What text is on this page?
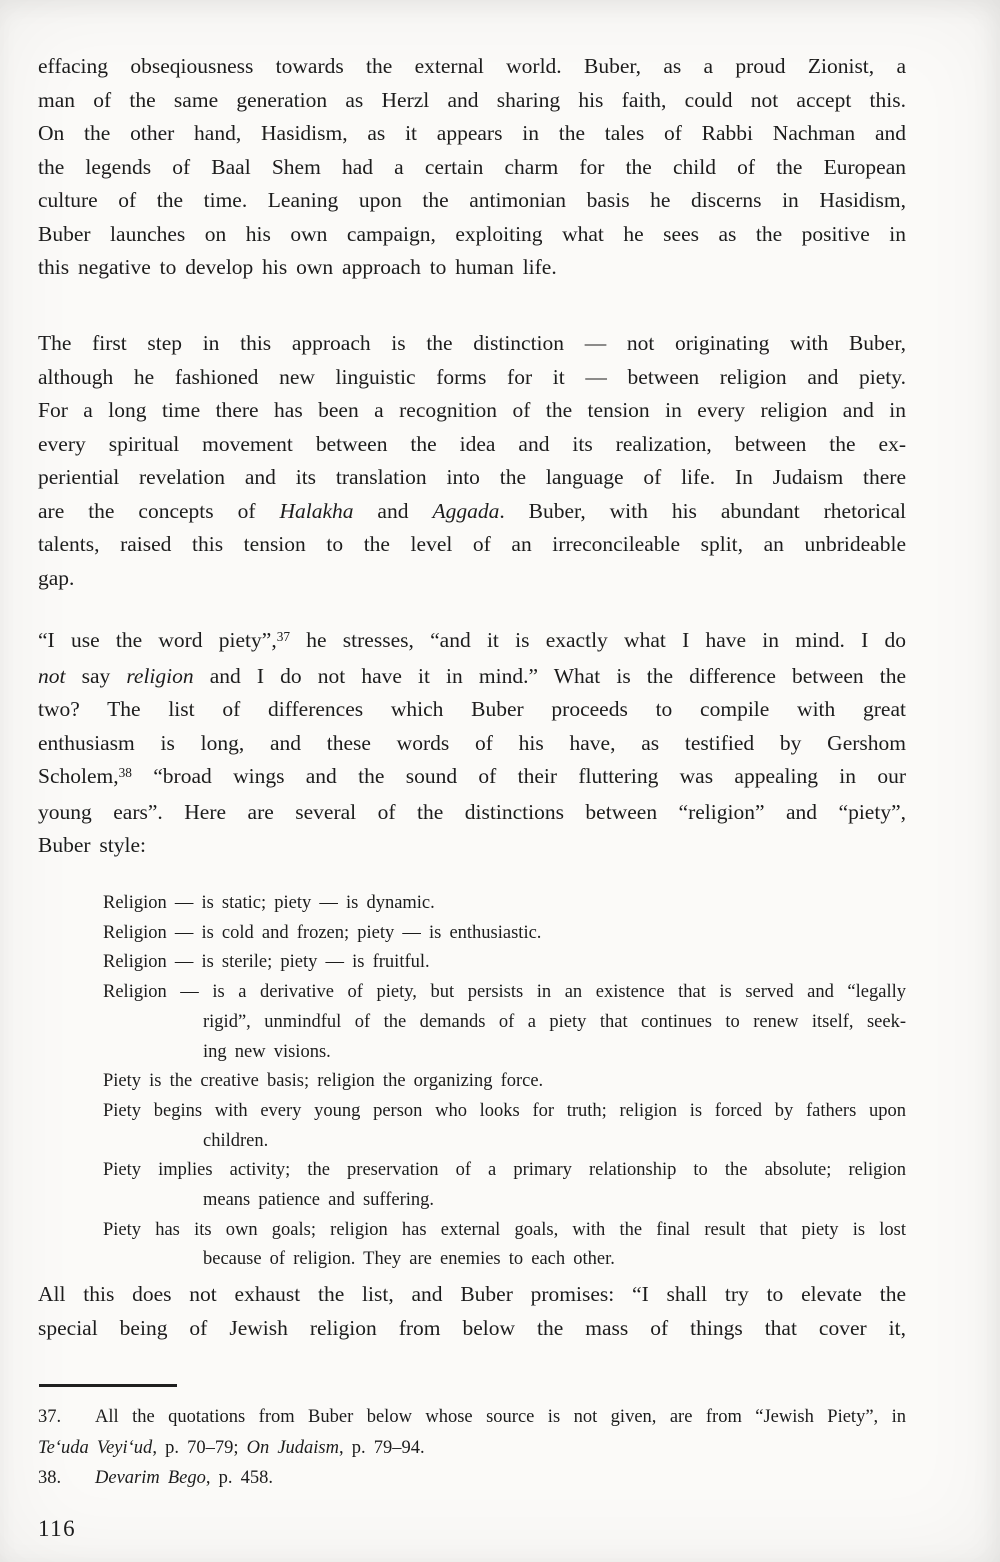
effacing obseqiousness towards the external world. Buber, as a proud Zionist, a
man of the same generation as Herzl and sharing his faith, could not accept this.
On the other hand, Hasidism, as it appears in the tales of Rabbi Nachman and
the legends of Baal Shem had a certain charm for the child of the European
culture of the time. Leaning upon the antimonian basis he discerns in Hasidism,
Buber launches on his own campaign, exploiting what he sees as the positive in
this negative to develop his own approach to human life.
The first step in this approach is the distinction — not originating with Buber,
although he fashioned new linguistic forms for it — between religion and piety.
For a long time there has been a recognition of the tension in every religion and in
every spiritual movement between the idea and its realization, between the ex-
periential revelation and its translation into the language of life. In Judaism there
are the concepts of Halakha and Aggada. Buber, with his abundant rhetorical
talents, raised this tension to the level of an irreconcileable split, an unbrideable
gap.
“I use the word piety”,$^{37}$ he stresses, “and it is exactly what I have in mind. I do
not say religion and I do not have it in mind.” What is the difference between the
two? The list of differences which Buber proceeds to compile with great
enthusiasm is long, and these words of his have, as testified by Gershom
Scholem,$^{38}$ “broad wings and the sound of their fluttering was appealing in our
young ears”. Here are several of the distinctions between “religion” and “piety”,
Buber style:
Religion — is static; piety — is dynamic.
Religion — is cold and frozen; piety — is enthusiastic.
Religion — is sterile; piety — is fruitful.
Religion — is a derivative of piety, but persists in an existence that is served and “legally
rigid”, unmindful of the demands of a piety that continues to renew itself, seek-
ing new visions.
Piety is the creative basis; religion the organizing force.
Piety begins with every young person who looks for truth; religion is forced by fathers upon
children.
Piety implies activity; the preservation of a primary relationship to the absolute; religion
means patience and suffering.
Piety has its own goals; religion has external goals, with the final result that piety is lost
because of religion. They are enemies to each other.
All this does not exhaust the list, and Buber promises: “I shall try to elevate the
special being of Jewish religion from below the mass of things that cover it,
37. All the quotations from Buber below whose source is not given, are from “Jewish Piety”, in
Te‘uda Veyi‘ud, p. 70–79; On Judaism, p. 79–94.
38. Devarim Bego, p. 458.
116
